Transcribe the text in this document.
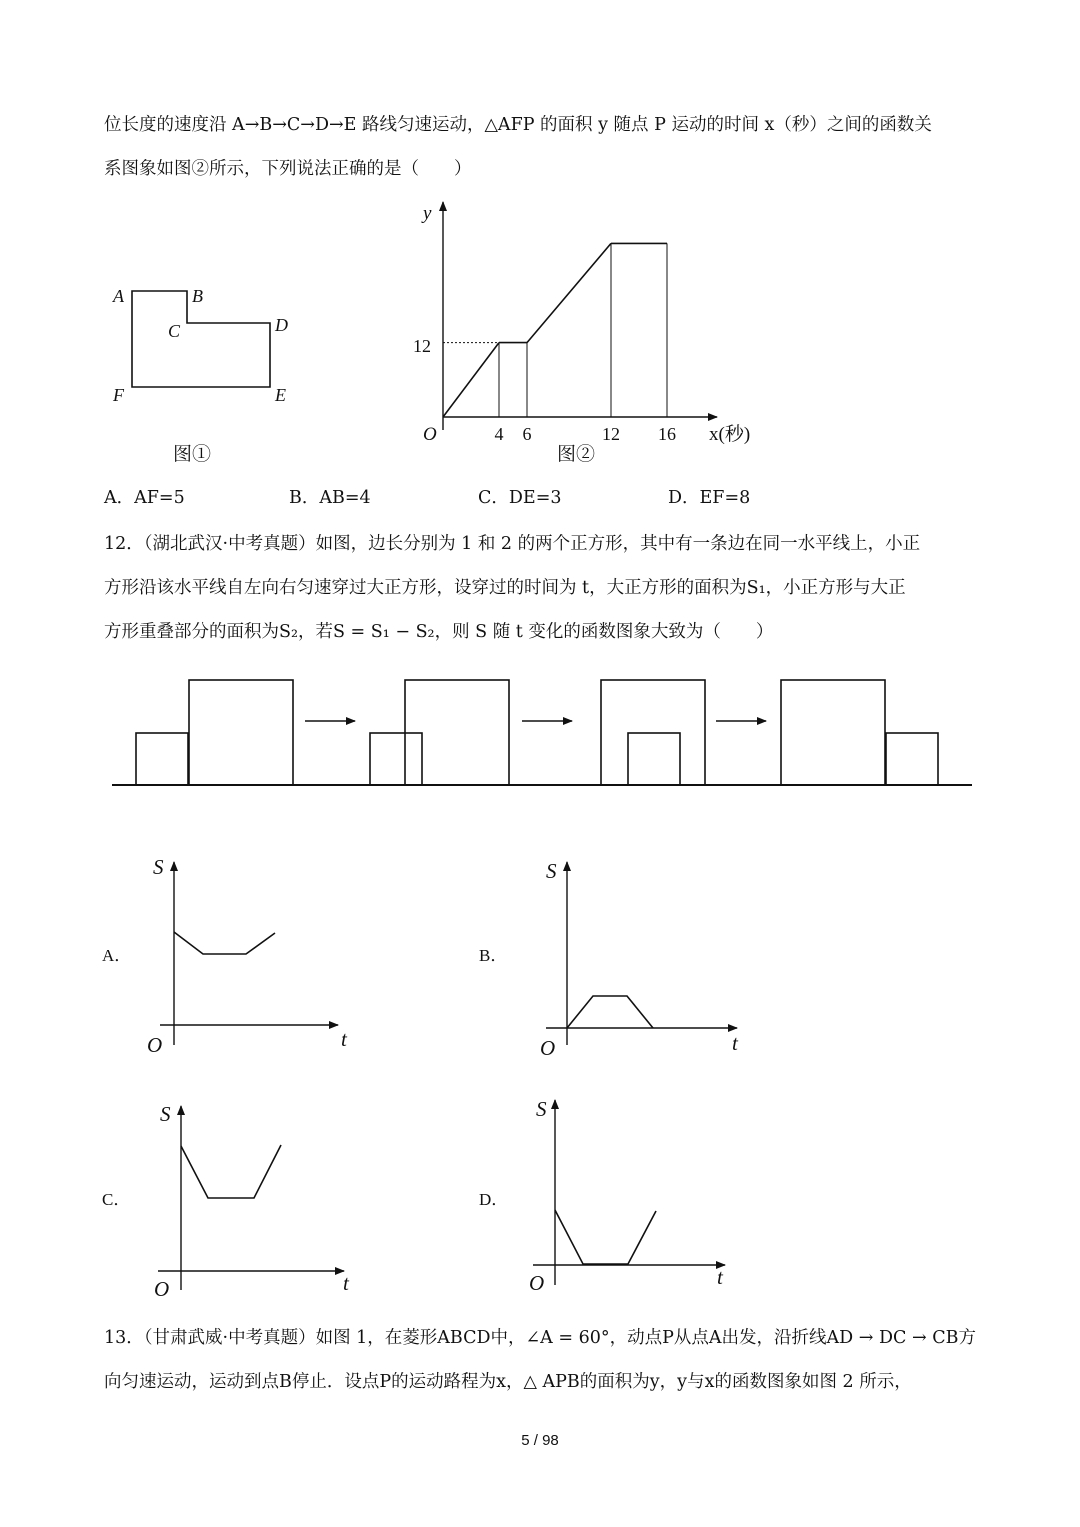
位长度的速度沿 A→B→C→D→E 路线匀速运动，△AFP 的面积 y 随点 P 运动的时间 x（秒）之间的函数关
系图象如图②所示，下列说法正确的是（　　）
A	B
C	D
F	E
图①
y
O	x(秒)
12
4 6	12 16
图②
A．
S
O	t
B．
S
O	t
C．
S
O	t
D．
S
O	t
A．AF=5	B．AB=4	C．DE=3	D．EF=8
12．（湖北武汉·中考真题）如图，边长分别为 1 和 2 的两个正方形，其中有一条边在同一水平线上，小正
方形沿该水平线自左向右匀速穿过大正方形，设穿过的时间为 t，大正方形的面积为S₁，小正方形与大正
方形重叠部分的面积为S₂，若S = S₁ − S₂，则 S 随 t 变化的函数图象大致为（　　）
13．（甘肃武威·中考真题）如图 1，在菱形ABCD中，∠A = 60°，动点P从点A出发，沿折线AD → DC → CB方
向匀速运动，运动到点B停止．设点P的运动路程为x，△ APB的面积为y，y与x的函数图象如图 2 所示，
5 / 98
